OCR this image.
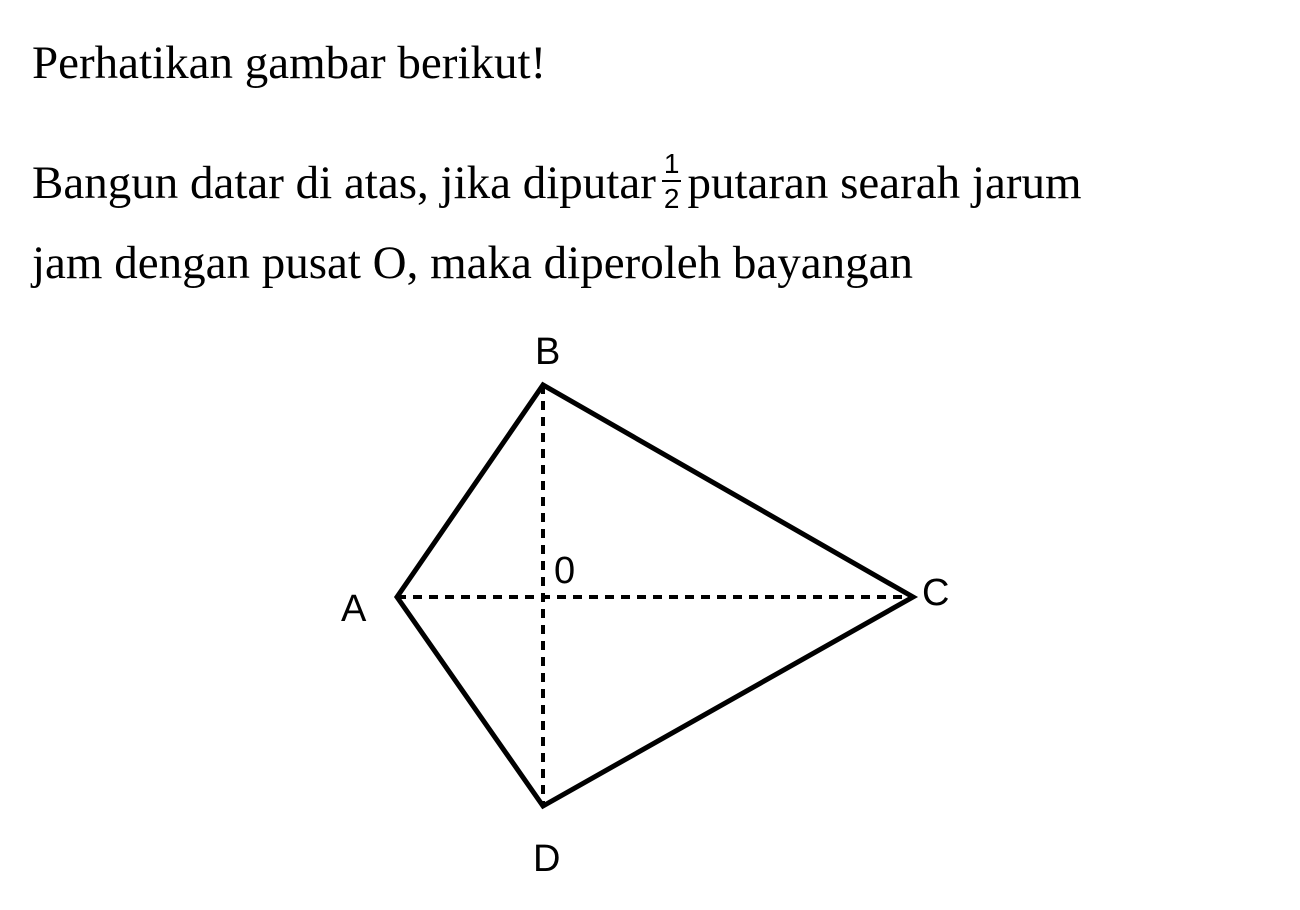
Perhatikan gambar berikut!
Bangun datar di atas, jika diputar $\frac{1}{2}$ putaran searah jarum
jam dengan pusat O, maka diperoleh bayangan
B
A	C
D
0
